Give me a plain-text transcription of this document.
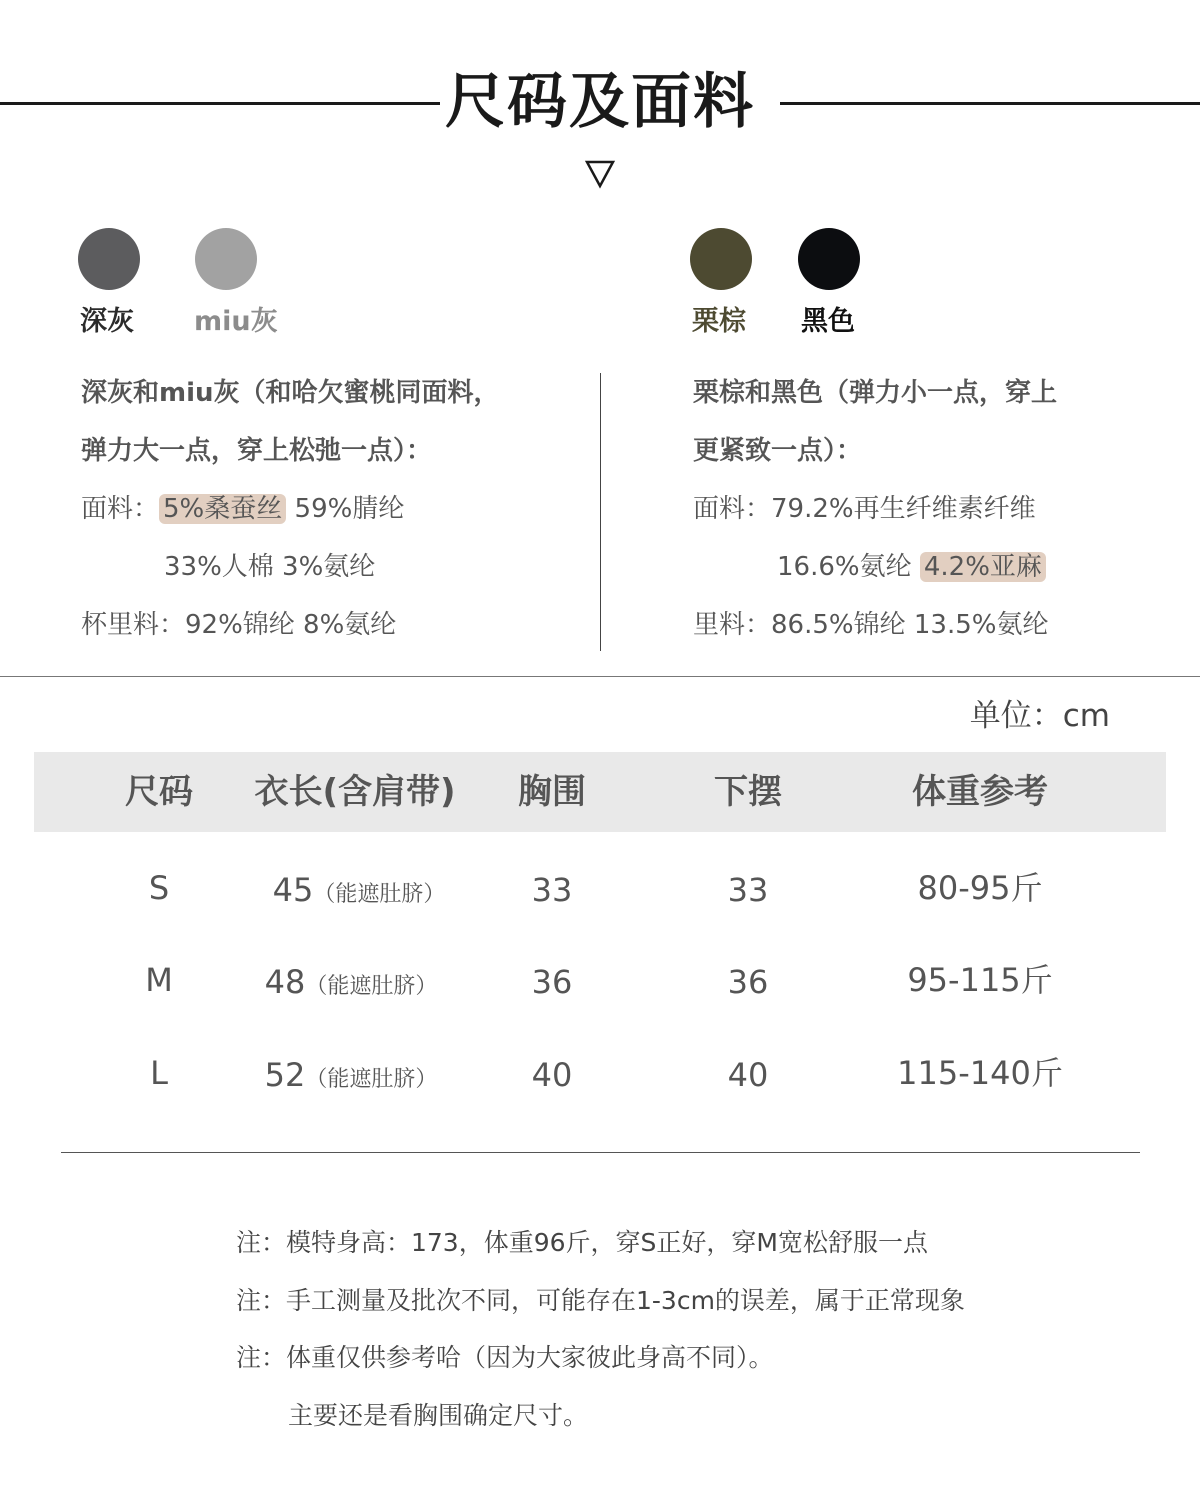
尺码及面料
深灰 miu灰	栗棕 黑色
深灰和miu灰（和哈欠蜜桃同面料，
弹力大一点，穿上松弛一点）：
面料： 5%桑蚕丝 59%腈纶
33%人棉 3%氨纶
杯里料：92%锦纶 8%氨纶
栗棕和黑色（弹力小一点，穿上
更紧致一点）：
面料：79.2%再生纤维素纤维
16.6%氨纶 4.2%亚麻
里料：86.5%锦纶 13.5%氨纶
单位：cm
尺码	衣长(含肩带)	胸围	下摆	体重参考
S	45（能遮肚脐）	33	33	80-95斤
M	48（能遮肚脐）	36	36	95-115斤
L	52（能遮肚脐）	40	40	115-140斤
注：模特身高：173，体重96斤，穿S正好，穿M宽松舒服一点
注：手工测量及批次不同，可能存在1-3cm的误差，属于正常现象
注：体重仅供参考哈（因为大家彼此身高不同）。
主要还是看胸围确定尺寸。
